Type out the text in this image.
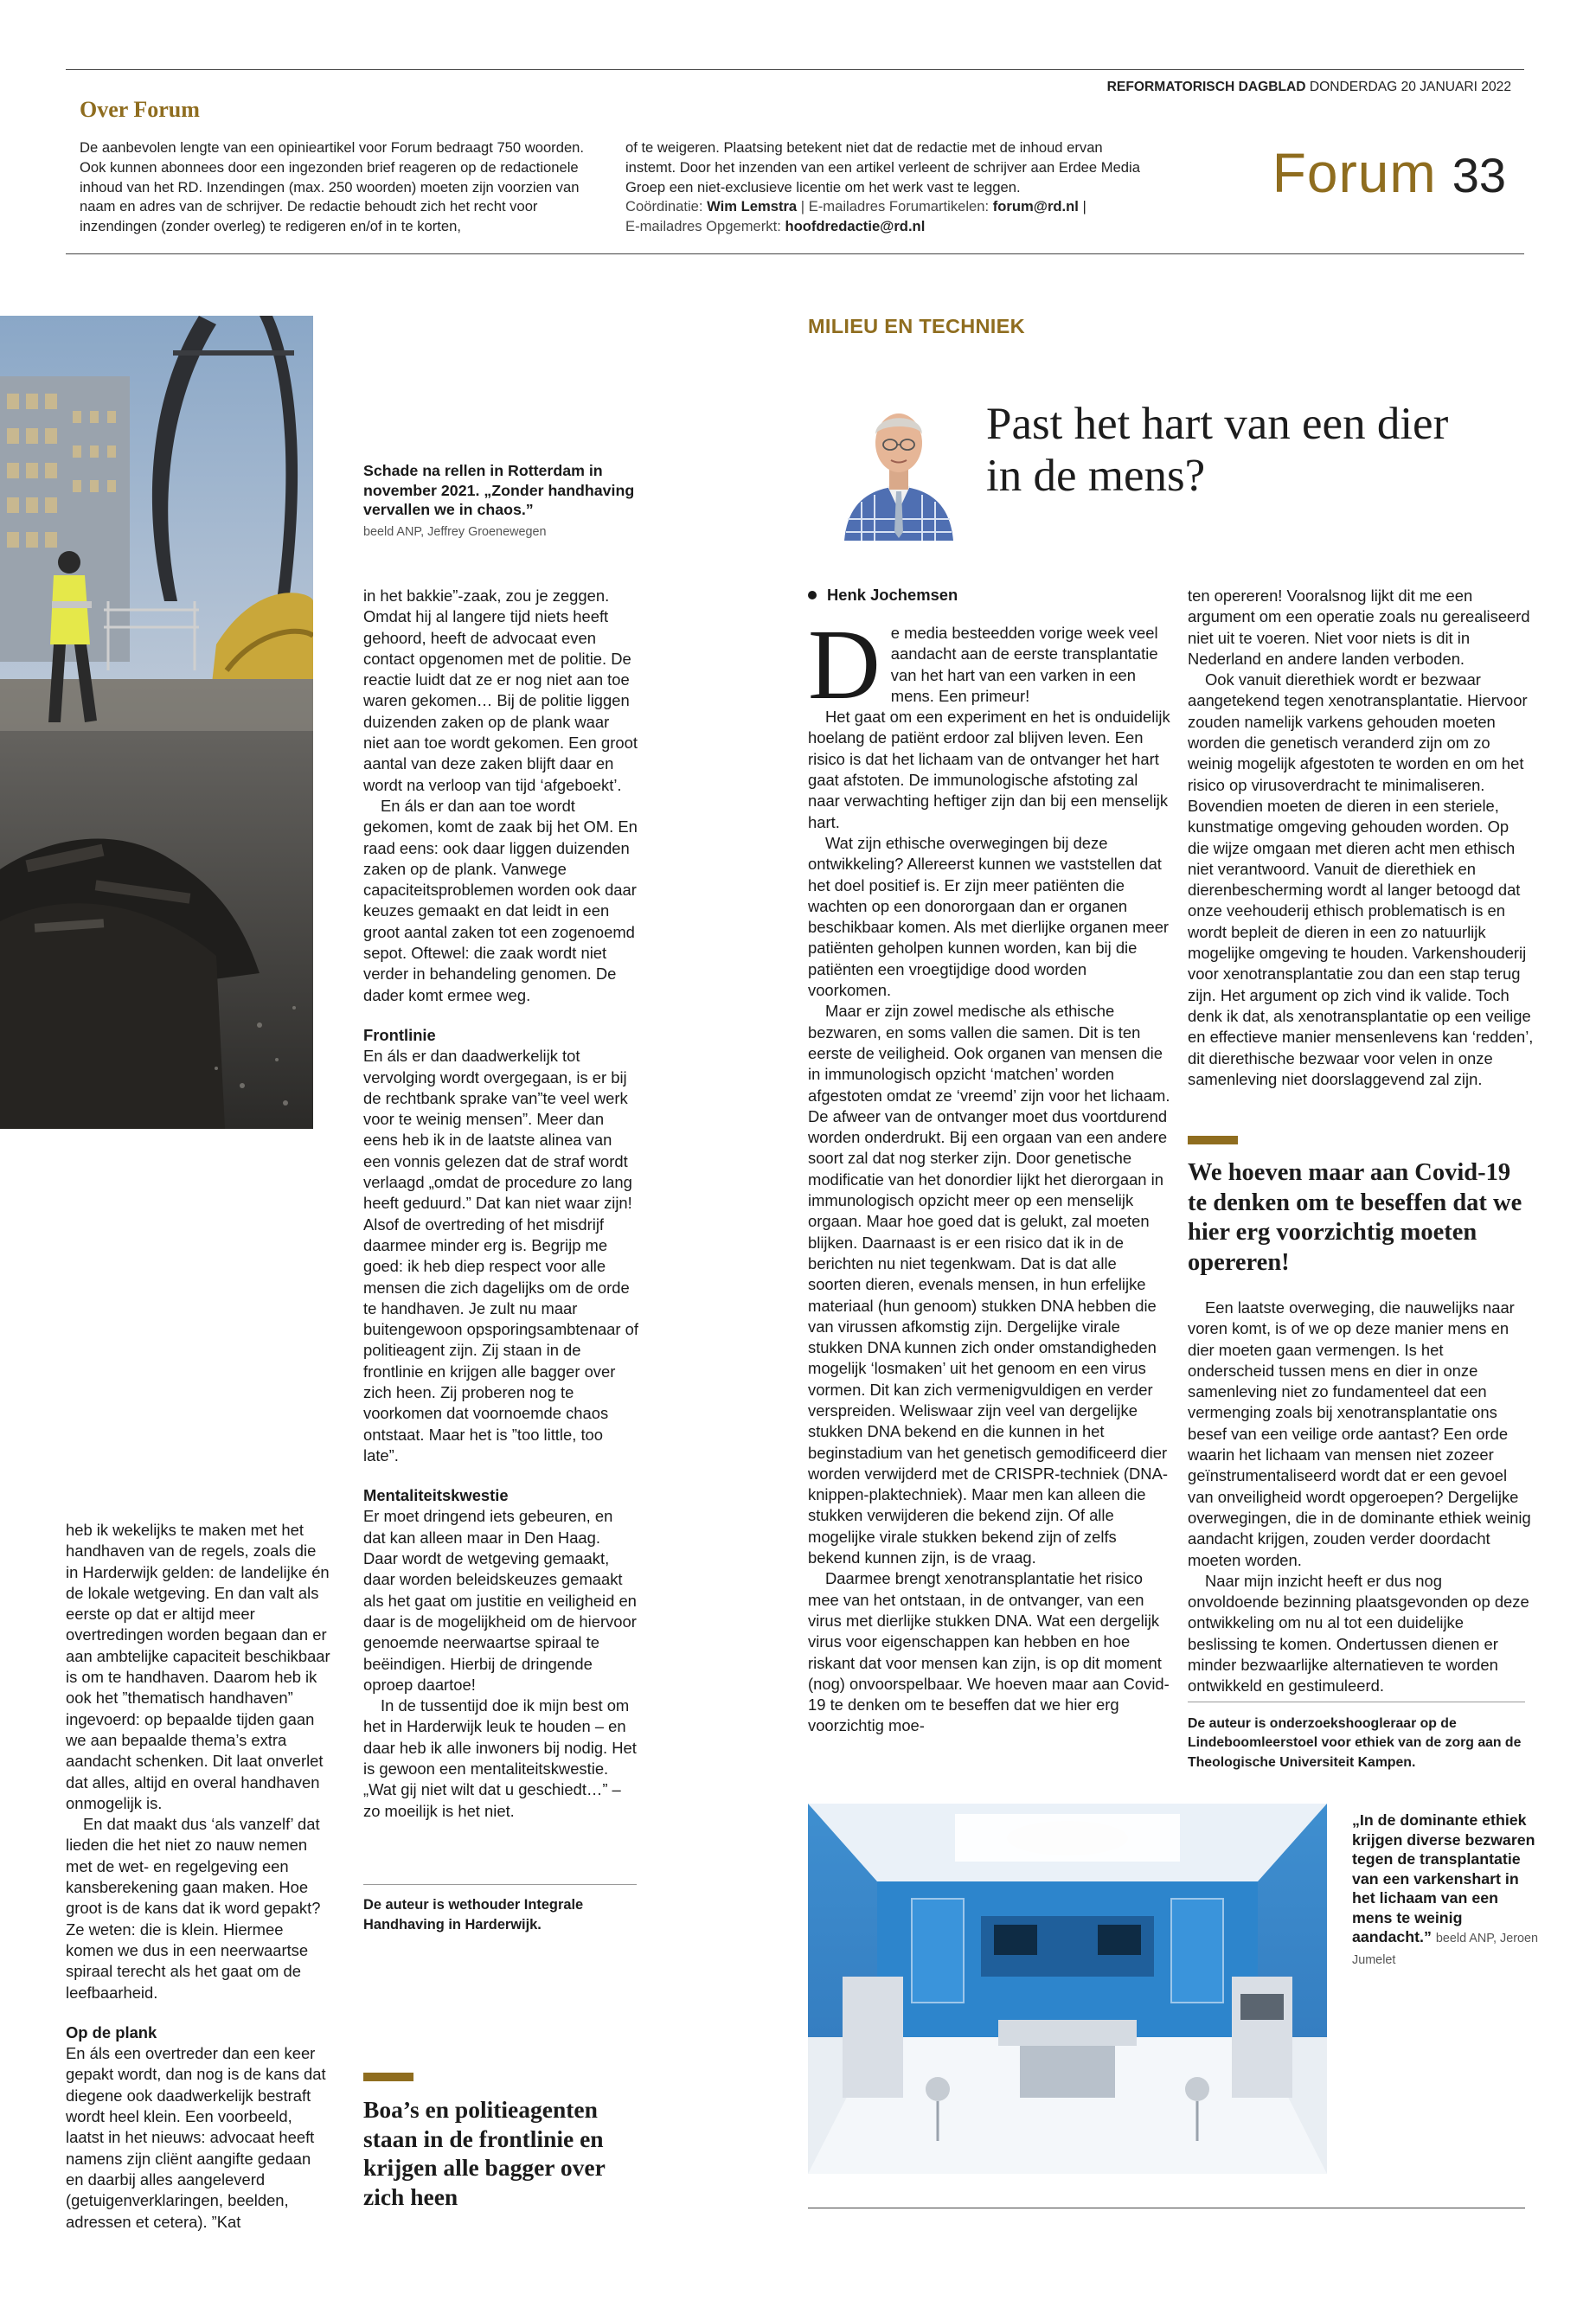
Over Forum
REFORMATORISCH DAGBLAD DONDERDAG 20 JANUARI 2022
Forum 33
De aanbevolen lengte van een opinieartikel voor Forum bedraagt 750 woorden. Ook kunnen abonnees door een ingezonden brief reageren op de redactionele inhoud van het RD. Inzendingen (max. 250 woorden) moeten zijn voorzien van naam en adres van de schrijver. De redactie behoudt zich het recht voor inzendingen (zonder overleg) te redigeren en/of in te korten,
of te weigeren. Plaatsing betekent niet dat de redactie met de inhoud ervan instemt. Door het inzenden van een artikel verleent de schrijver aan Erdee Media Groep een niet-exclusieve licentie om het werk vast te leggen.
Coördinatie: Wim Lemstra | E-mailadres Forumartikelen: forum@rd.nl |
E-mailadres Opgemerkt: hoofdredactie@rd.nl
Schade na rellen in Rotterdam in november 2021. „Zonder handhaving vervallen we in chaos.”
beeld ANP, Jeffrey Groenewegen

heb ik wekelijks te maken met het handhaven van de regels, zoals die in Harderwijk gelden: de landelijke én de lokale wetgeving. En dan valt als eerste op dat er altijd meer overtredingen worden begaan dan er aan ambtelijke capaciteit beschikbaar is om te handhaven. Daarom heb ik ook het ”thematisch handhaven” ingevoerd: op bepaalde tijden gaan we aan bepaalde thema’s extra aandacht schenken. Dit laat onverlet dat alles, altijd en overal handhaven onmogelijk is.

En dat maakt dus ‘als vanzelf’ dat lieden die het niet zo nauw nemen met de wet- en regelgeving een kansberekening gaan maken. Hoe groot is de kans dat ik word gepakt? Ze weten: die is klein. Hiermee komen we dus in een neerwaartse spiraal terecht als het gaat om de leefbaarheid.

Op de plank

En áls een overtreder dan een keer gepakt wordt, dan nog is de kans dat diegene ook daadwerkelijk bestraft wordt heel klein. Een voorbeeld, laatst in het nieuws: advocaat heeft namens zijn cliënt aangifte gedaan en daarbij alles aangeleverd (getuigenverklaringen, beelden, adressen et cetera). ”Kat

in het bakkie”-zaak, zou je zeggen. Omdat hij al langere tijd niets heeft gehoord, heeft de advocaat even contact opgenomen met de politie. De reactie luidt dat ze er nog niet aan toe waren gekomen… Bij de politie liggen duizenden zaken op de plank waar niet aan toe wordt gekomen. Een groot aantal van deze zaken blijft daar en wordt na verloop van tijd ‘afgeboekt’.

En áls er dan aan toe wordt gekomen, komt de zaak bij het OM. En raad eens: ook daar liggen duizenden zaken op de plank. Vanwege capaciteitsproblemen worden ook daar keuzes gemaakt en dat leidt in een groot aantal zaken tot een zogenoemd sepot. Oftewel: die zaak wordt niet verder in behandeling genomen. De dader komt ermee weg.

Frontlinie

En áls er dan daadwerkelijk tot vervolging wordt overgegaan, is er bij de rechtbank sprake van”te veel werk voor te weinig mensen”. Meer dan eens heb ik in de laatste alinea van een vonnis gelezen dat de straf wordt verlaagd „omdat de procedure zo lang heeft geduurd.” Dat kan niet waar zijn! Alsof de overtreding of het misdrijf daarmee minder erg is. Begrijp me goed: ik heb diep respect voor alle mensen die zich dagelijks om de orde te handhaven. Je zult nu maar buitengewoon opsporingsambtenaar of politieagent zijn. Zij staan in de frontlinie en krijgen alle bagger over zich heen. Zij proberen nog te voorkomen dat voornoemde chaos ontstaat. Maar het is ”too little, too late”.

Mentaliteitskwestie

Er moet dringend iets gebeuren, en dat kan alleen maar in Den Haag. Daar wordt de wetgeving gemaakt, daar worden beleidskeuzes gemaakt als het gaat om justitie en veiligheid en daar is de mogelijkheid om de hiervoor genoemde neerwaartse spiraal te beëindigen. Hierbij de dringende oproep daartoe!

In de tussentijd doe ik mijn best om het in Harderwijk leuk te houden – en daar heb ik alle inwoners bij nodig. Het is gewoon een mentaliteitskwestie. „Wat gij niet wilt dat u geschiedt…” – zo moeilijk is het niet.

De auteur is wethouder Integrale Handhaving in Harderwijk.
Boa’s en politieagenten staan in de frontlinie en krijgen alle bagger over zich heen
MILIEU EN TECHNIEK
Past het hart van een dier in de mens?
Henk Jochemsen

De media besteedden vorige week veel aandacht aan de eerste transplantatie van het hart van een varken in een mens. Een primeur!

Het gaat om een experiment en het is onduidelijk hoelang de patiënt erdoor zal blijven leven. Een risico is dat het lichaam van de ontvanger het hart gaat afstoten. De immunologische afstoting zal naar verwachting heftiger zijn dan bij een menselijk hart.

Wat zijn ethische overwegingen bij deze ontwikkeling? Allereerst kunnen we vaststellen dat het doel positief is. Er zijn meer patiënten die wachten op een donororgaan dan er organen beschikbaar komen. Als met dierlijke organen meer patiënten geholpen kunnen worden, kan bij die patiënten een vroegtijdige dood worden voorkomen.

Maar er zijn zowel medische als ethische bezwaren, en soms vallen die samen. Dit is ten eerste de veiligheid. Ook organen van mensen die in immunologisch opzicht ‘matchen’ worden afgestoten omdat ze ‘vreemd’ zijn voor het lichaam. De afweer van de ontvanger moet dus voortdurend worden onderdrukt. Bij een orgaan van een andere soort zal dat nog sterker zijn. Door genetische modificatie van het donordier lijkt het dierorgaan in immunologisch opzicht meer op een menselijk orgaan. Maar hoe goed dat is gelukt, zal moeten blijken. Daarnaast is er een risico dat ik in de berichten nu niet tegenkwam. Dat is dat alle soorten dieren, evenals mensen, in hun erfelijke materiaal (hun genoom) stukken DNA hebben die van virussen afkomstig zijn. Dergelijke virale stukken DNA kunnen zich onder omstandigheden mogelijk ‘losmaken’ uit het genoom en een virus vormen. Dit kan zich vermenigvuldigen en verder verspreiden. Weliswaar zijn veel van dergelijke stukken DNA bekend en die kunnen in het beginstadium van het genetisch gemodificeerd dier worden verwijderd met de CRISPR-techniek (DNA-knippen-plaktechniek). Maar men kan alleen die stukken verwijderen die bekend zijn. Of alle mogelijke virale stukken bekend zijn of zelfs bekend kunnen zijn, is de vraag.

Daarmee brengt xenotransplantatie het risico mee van het ontstaan, in de ontvanger, van een virus met dierlijke stukken DNA. Wat een dergelijk virus voor eigenschappen kan hebben en hoe riskant dat voor mensen kan zijn, is op dit moment (nog) onvoorspelbaar. We hoeven maar aan Covid-19 te denken om te beseffen dat we hier erg voorzichtig moe-

ten opereren! Vooralsnog lijkt dit me een argument om een operatie zoals nu gerealiseerd niet uit te voeren. Niet voor niets is dit in Nederland en andere landen verboden.

Ook vanuit dierethiek wordt er bezwaar aangetekend tegen xenotransplantatie. Hiervoor zouden namelijk varkens gehouden moeten worden die genetisch veranderd zijn om zo weinig mogelijk afgestoten te worden en om het risico op virusoverdracht te minimaliseren. Bovendien moeten de dieren in een steriele, kunstmatige omgeving gehouden worden. Op die wijze omgaan met dieren acht men ethisch niet verantwoord. Vanuit de dierethiek en dierenbescherming wordt al langer betoogd dat onze veehouderij ethisch problematisch is en wordt bepleit de dieren in een zo natuurlijk mogelijke omgeving te houden. Varkenshouderij voor xenotransplantatie zou dan een stap terug zijn. Het argument op zich vind ik valide. Toch denk ik dat, als xenotransplantatie op een veilige en effectieve manier mensenlevens kan ‘redden’, dit dierethische bezwaar voor velen in onze samenleving niet doorslaggevend zal zijn.

We hoeven maar aan Covid-19 te denken om te beseffen dat we hier erg voorzichtig moeten opereren!

Een laatste overweging, die nauwelijks naar voren komt, is of we op deze manier mens en dier moeten gaan vermengen. Is het onderscheid tussen mens en dier in onze samenleving niet zo fundamenteel dat een vermenging zoals bij xenotransplantatie ons besef van een veilige orde aantast? Een orde waarin het lichaam van mensen niet zozeer geïnstrumentaliseerd wordt dat er een gevoel van onveiligheid wordt opgeroepen? Dergelijke overwegingen, die in de dominante ethiek weinig aandacht krijgen, zouden verder doordacht moeten worden.

Naar mijn inzicht heeft er dus nog onvoldoende bezinning plaatsgevonden op deze ontwikkeling om nu al tot een duidelijke beslissing te komen. Ondertussen dienen er minder bezwaarlijke alternatieven te worden ontwikkeld en gestimuleerd.

De auteur is onderzoekshoogleraar op de Lindeboomleerstoel voor ethiek van de zorg aan de Theologische Universiteit Kampen.
„In de dominante ethiek krijgen diverse bezwaren tegen de transplantatie van een varkenshart in het lichaam van een mens te weinig aandacht.” beeld ANP, Jeroen Jumelet
